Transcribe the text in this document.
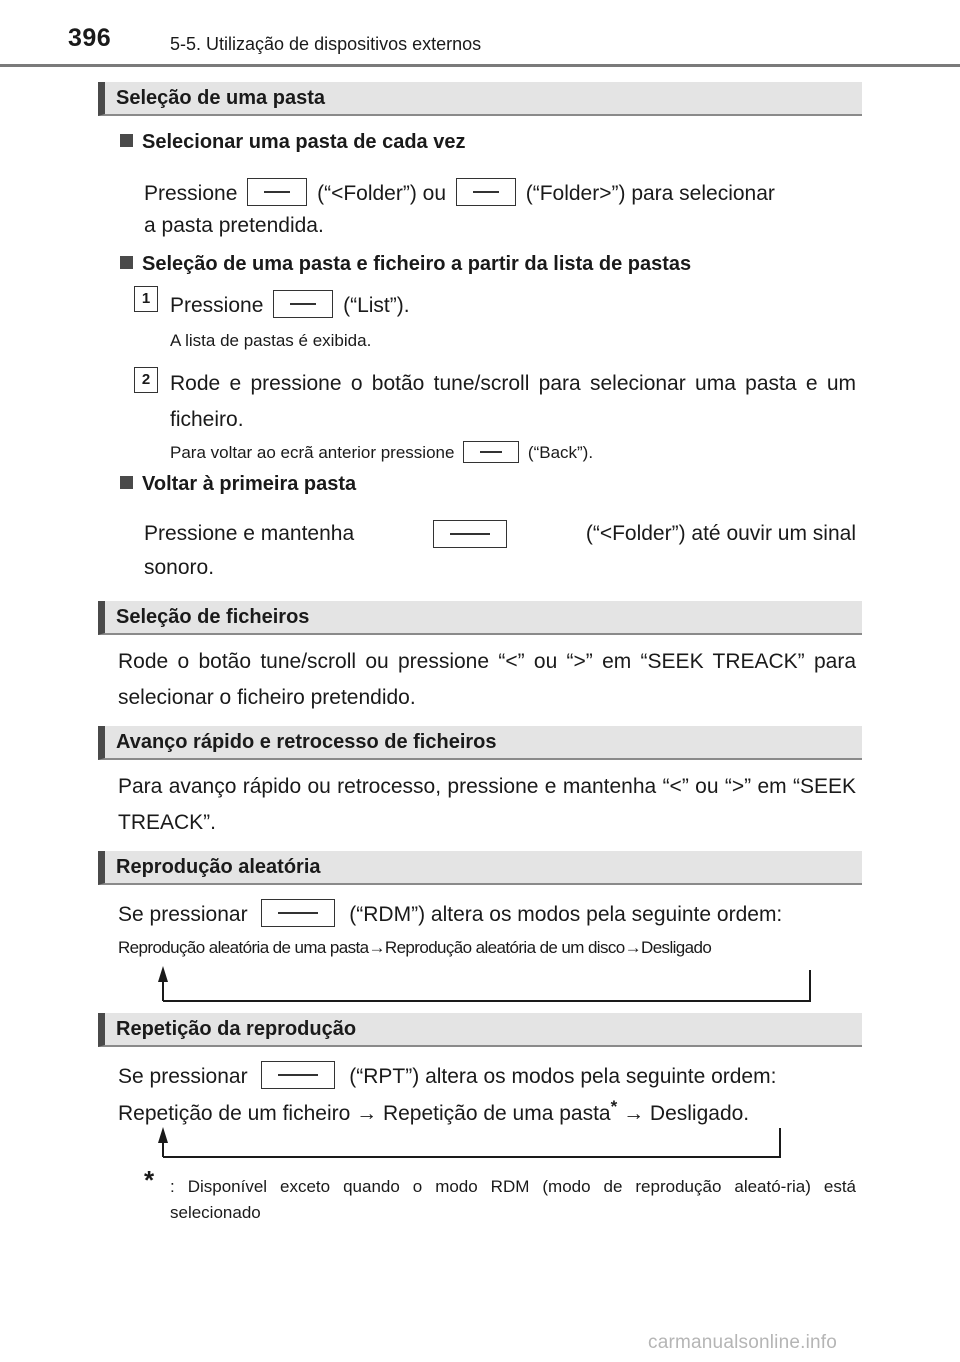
396	5-5. Utilização de dispositivos externos
Seleção de uma pasta
Selecionar uma pasta de cada vez
Pressione	(“<Folder”) ou	(“Folder>”) para selecionar
a pasta pretendida.
Seleção de uma pasta e ficheiro a partir da lista de pastas
1 Pressione	(“List”).
A lista de pastas é exibida.
2 Rode e pressione o botão tune/scroll para selecionar uma pasta e um ficheiro.
Para voltar ao ecrã anterior pressione	(“Back”).
Voltar à primeira pasta
Pressione e mantenha	(“<Folder”) até ouvir um sinal
sonoro.
Seleção de ficheiros
Rode o botão tune/scroll ou pressione “<” ou “>” em “SEEK TREACK” para selecionar o ficheiro pretendido.
Avanço rápido e retrocesso de ficheiros
Para avanço rápido ou retrocesso, pressione e mantenha “<” ou “>” em “SEEK TREACK”.
Reprodução aleatória
Se pressionar	(“RDM”) altera os modos pela seguinte ordem:
Reprodução aleatória de uma pasta→Reprodução aleatória de um disco→Desligado
Repetição da reprodução
Se pressionar	(“RPT”) altera os modos pela seguinte ordem:
Repetição de um ficheiro → Repetição de uma pasta* → Desligado.
* : Disponível exceto quando o modo RDM (modo de reprodução aleató-ria) está selecionado
carmanualsonline.info
